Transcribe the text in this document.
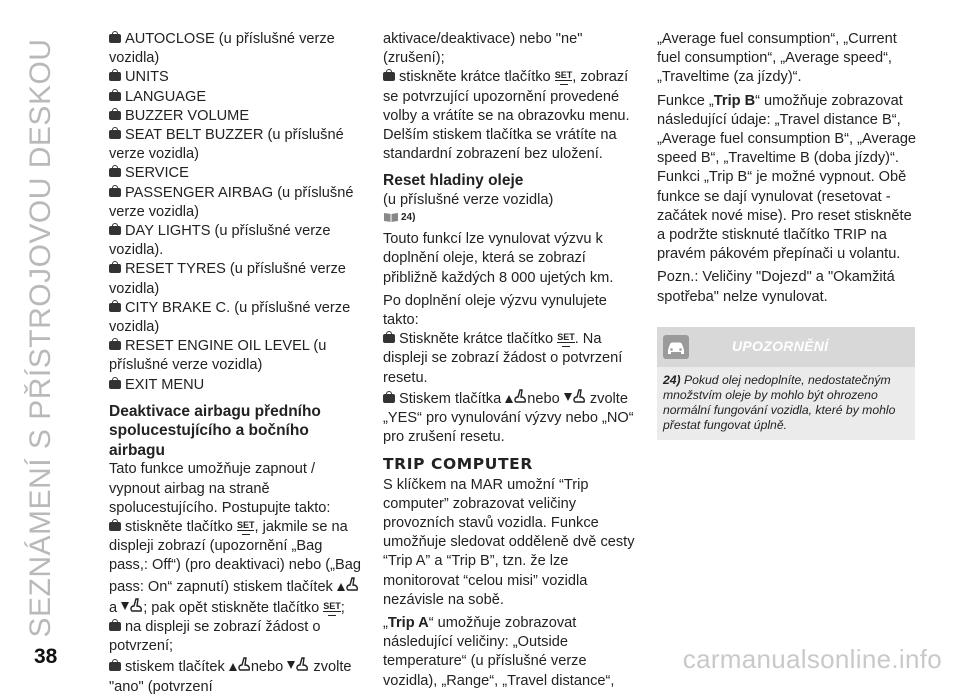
SEZNÁMENÍ S PŘÍSTROJOVOU DESKOU	AUTOCLOSE (u příslušné verze vozidla)

UNITS

LANGUAGE

BUZZER VOLUME

SEAT BELT BUZZER (u příslušné verze vozidla)

SERVICE

PASSENGER AIRBAG (u příslušné verze vozidla)

DAY LIGHTS (u příslušné verze vozidla).

RESET TYRES (u příslušné verze vozidla)

CITY BRAKE C. (u příslušné verze vozidla)

RESET ENGINE OIL LEVEL (u příslušné verze vozidla)

EXIT MENU

Deaktivace airbagu předního spolucestujícího a bočního airbagu

Tato funkce umožňuje zapnout / vypnout airbag na straně spolucestujícího. Postupujte takto:

stiskněte tlačítko SET , jakmile se na displeji zobrazí (upozornění „Bag pass,: Off“) (pro deaktivaci) nebo („Bag pass: On“ zapnutí) stiskem tlačítek a ; pak opět stiskněte tlačítko SET ;

na displeji se zobrazí žádost o potvrzení;

stiskem tlačítek nebo zvolte "ano" (potvrzení

aktivace/deaktivace) nebo "ne" (zrušení);

stiskněte krátce tlačítko SET , zobrazí se potvrzující upozornění provedené volby a vrátíte se na obrazovku menu. Delším stiskem tlačítka se vrátíte na standardní zobrazení bez uložení.

Reset hladiny oleje

(u příslušné verze vozidla)

24)

Touto funkcí lze vynulovat výzvu k doplnění oleje, která se zobrazí přibližně každých 8 000 ujetých km.

Po doplnění oleje výzvu vynulujete takto:

Stiskněte krátce tlačítko SET . Na displeji se zobrazí žádost o potvrzení resetu.

Stiskem tlačítka nebo zvolte „YES“ pro vynulování výzvy nebo „NO“ pro zrušení resetu.

TRIP COMPUTER

S klíčkem na MAR umožní “Trip computer” zobrazovat veličiny provozních stavů vozidla. Funkce umožňuje sledovat odděleně dvě cesty “Trip A” a “Trip B”, tzn. že lze monitorovat “celou misi” vozidla nezávisle na sobě.

„Trip A“ umožňuje zobrazovat následující veličiny: „Outside temperature“ (u příslušné verze vozidla), „Range“, „Travel distance“,

„Average fuel consumption“, „Current fuel consumption“, „Average speed“, „Traveltime (za jízdy)“.

Funkce „Trip B“ umožňuje zobrazovat následující údaje: „Travel distance B“, „Average fuel consumption B“, „Average speed B“, „Traveltime B (doba jízdy)“. Funkci „Trip B“ je možné vypnout. Obě funkce se dají vynulovat (resetovat - začátek nové mise). Pro reset stiskněte a podržte stisknuté tlačítko TRIP na pravém pákovém přepínači u volantu.

Pozn.: Veličiny "Dojezd" a "Okamžitá spotřeba" nelze vynulovat.

UPOZORNĚNÍ
24) Pokud olej nedoplníte, nedostatečným množstvím oleje by mohlo být ohrozeno normální fungování vozidla, které by mohlo přestat fungovat úplně.
38	carmanualsonline.info
